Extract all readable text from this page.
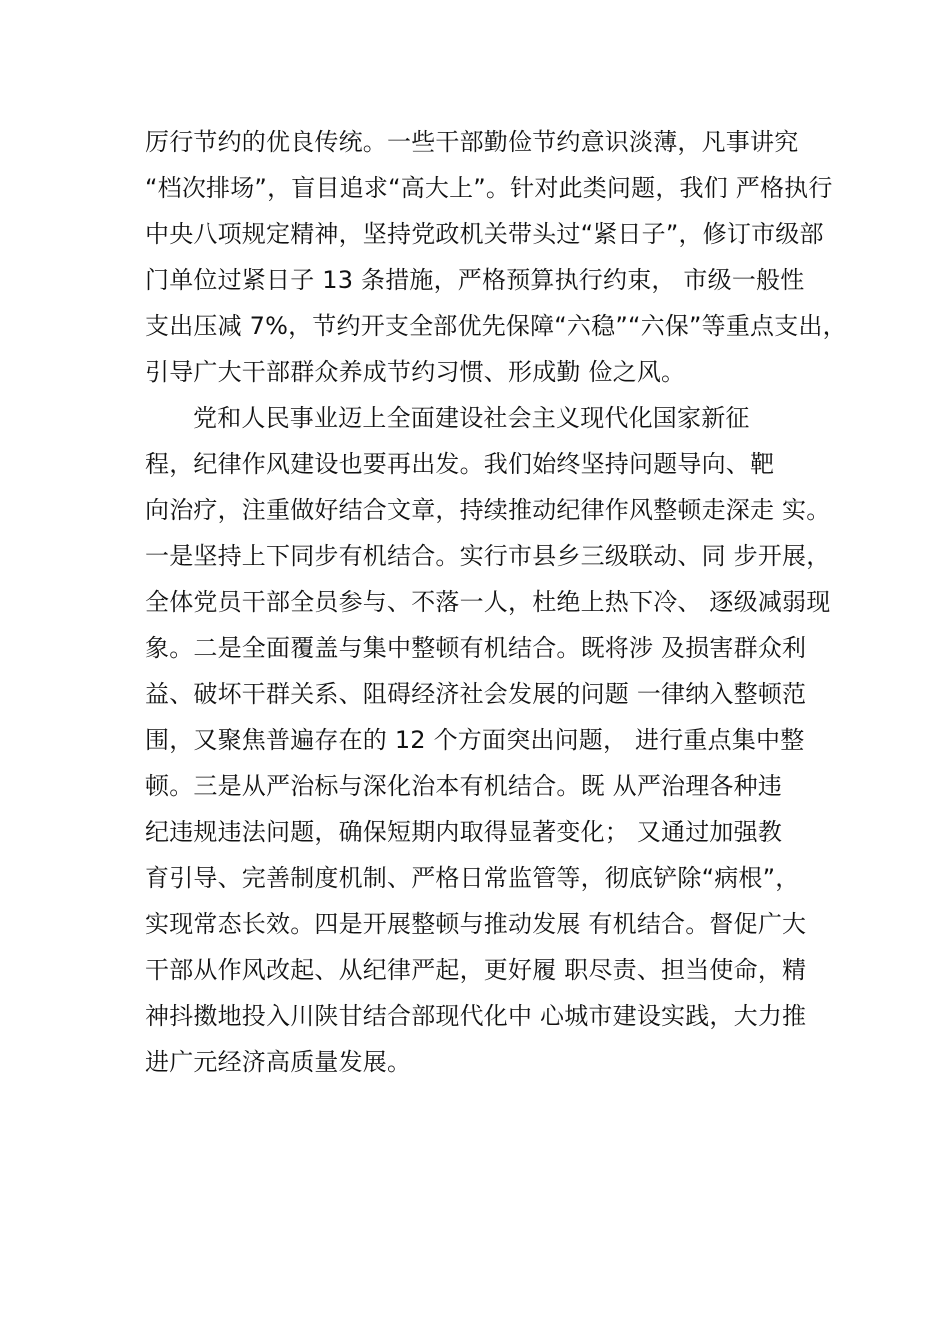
厉行节约的优良传统。一些干部勤俭节约意识淡薄，凡事讲究
“档次排场”，盲目追求“高大上”。针对此类问题，我们 严格执行
中央八项规定精神，坚持党政机关带头过“紧日子”，修订市级部
门单位过紧日子 13 条措施，严格预算执行约束， 市级一般性
支出压减 7%，节约开支全部优先保障“六稳”“六保”等重点支出，
引导广大干部群众养成节约习惯、形成勤 俭之风。
党和人民事业迈上全面建设社会主义现代化国家新征
程，纪律作风建设也要再出发。我们始终坚持问题导向、靶
向治疗，注重做好结合文章，持续推动纪律作风整顿走深走 实。
一是坚持上下同步有机结合。实行市县乡三级联动、同 步开展，
全体党员干部全员参与、不落一人，杜绝上热下冷、 逐级减弱现
象。二是全面覆盖与集中整顿有机结合。既将涉 及损害群众利
益、破坏干群关系、阻碍经济社会发展的问题 一律纳入整顿范
围，又聚焦普遍存在的 12 个方面突出问题， 进行重点集中整
顿。三是从严治标与深化治本有机结合。既 从严治理各种违
纪违规违法问题，确保短期内取得显著变化； 又通过加强教
育引导、完善制度机制、严格日常监管等，彻底铲除“病根”，
实现常态长效。四是开展整顿与推动发展 有机结合。督促广大
干部从作风改起、从纪律严起，更好履 职尽责、担当使命，精
神抖擞地投入川陕甘结合部现代化中 心城市建设实践，大力推
进广元经济高质量发展。
